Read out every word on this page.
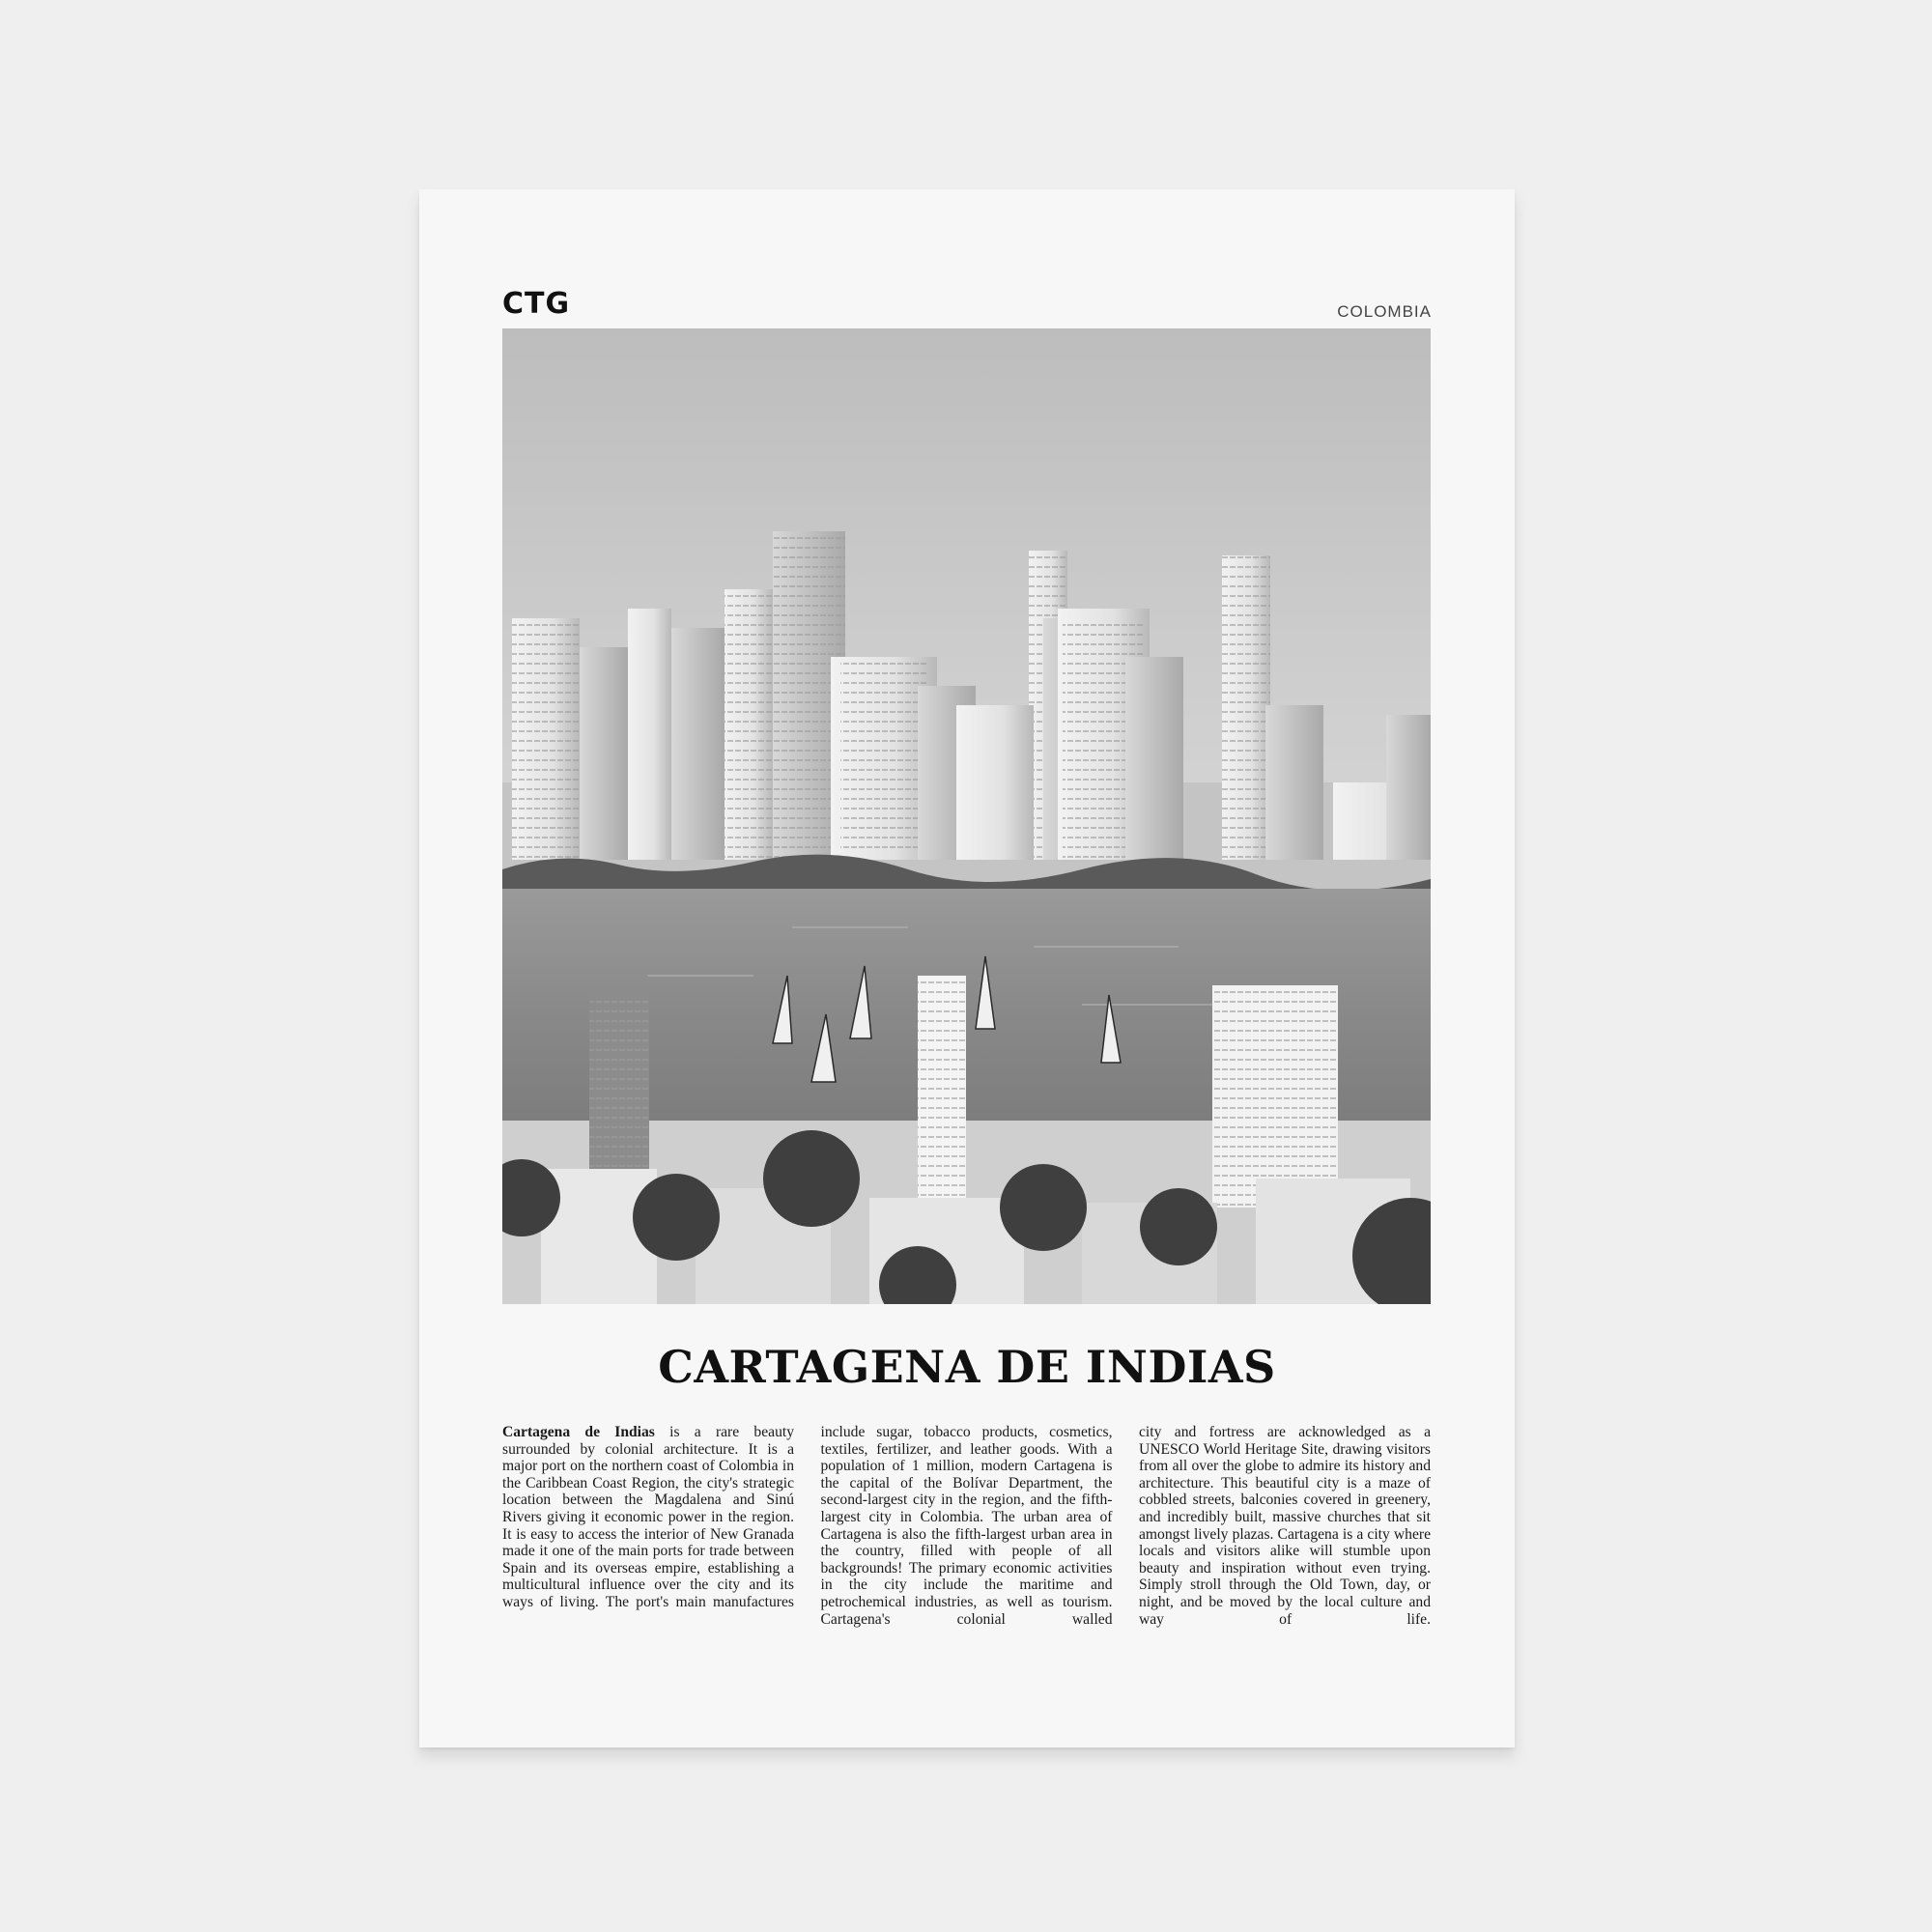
CTG	COLOMBIA
CARTAGENA DE INDIAS
Cartagena de Indias is a rare beauty surrounded by colonial architecture. It is a major port on the northern coast of Colombia in the Caribbean Coast Region, the city's strategic location between the Magdalena and Sinú Rivers giving it economic power in the region. It is easy to access the interior of New Granada made it one of the main ports for trade between Spain and its overseas empire, establishing a multicultural influence over the city and its ways of living. The port's main manufactures
include sugar, tobacco products, cosmetics, textiles, fertilizer, and leather goods. With a population of 1 million, modern Cartagena is the capital of the Bolívar Department, the second-largest city in the region, and the fifth-largest city in Colombia. The urban area of Cartagena is also the fifth-largest urban area in the country, filled with people of all backgrounds! The primary economic activities in the city include the maritime and petrochemical industries, as well as tourism. Cartagena's colonial walled
city and fortress are acknowledged as a UNESCO World Heritage Site, drawing visitors from all over the globe to admire its history and architecture. This beautiful city is a maze of cobbled streets, balconies covered in greenery, and incredibly built, massive churches that sit amongst lively plazas. Cartagena is a city where locals and visitors alike will stumble upon beauty and inspiration without even trying. Simply stroll through the Old Town, day, or night, and be moved by the local culture and way of life.
